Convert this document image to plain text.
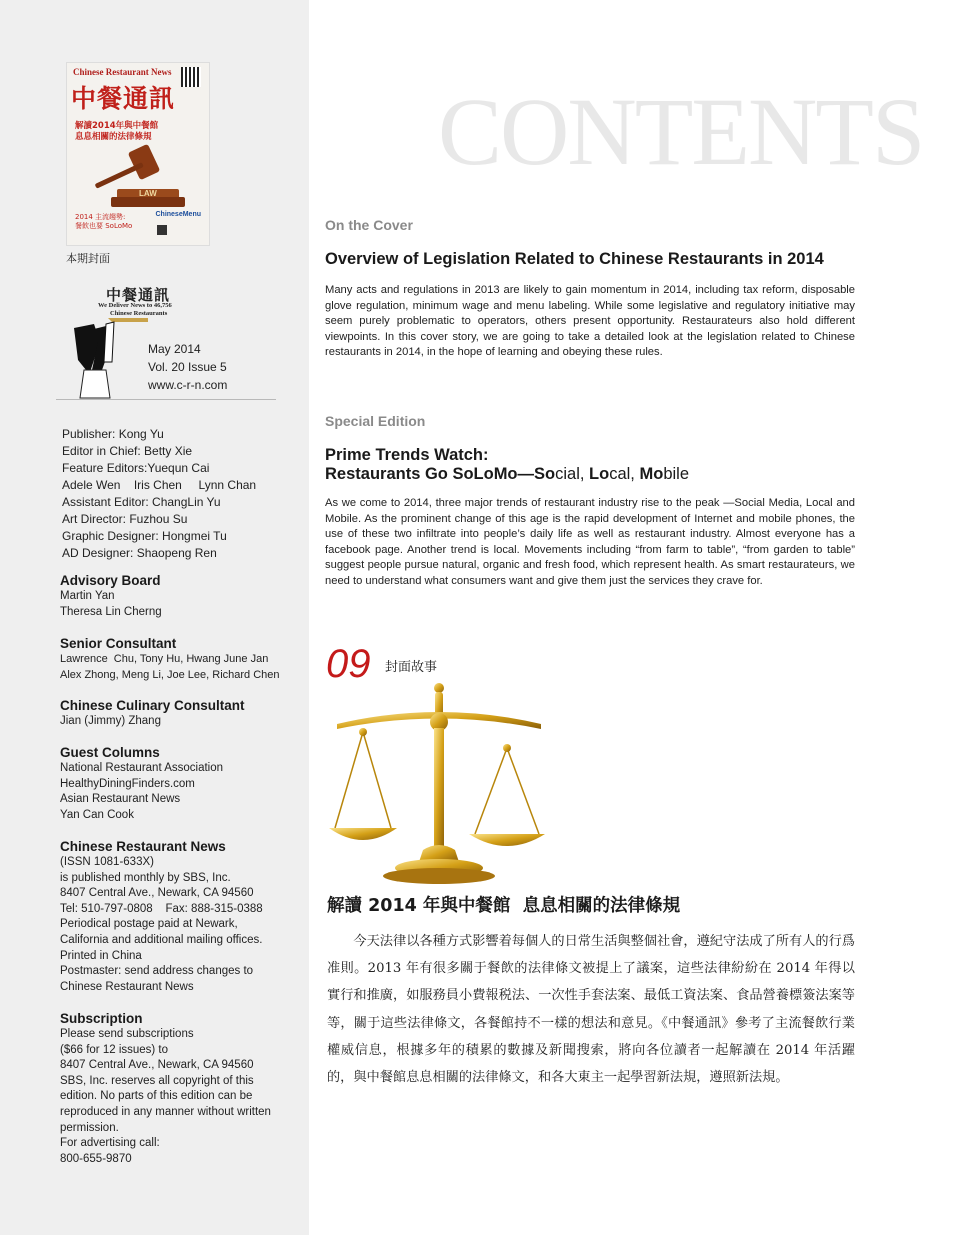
Chinese Restaurant News
中餐通訊
解讀2014年與中餐館
息息相關的法律條規
LAW
2014 主流趨勢:
餐飲也要 SoLoMo
ChineseMenu
本期封面
中餐通訊
We Deliver News to 46,756
Chinese Restaurants
May 2014
Vol. 20 Issue 5
www.c-r-n.com
Publisher: Kong Yu
Editor in Chief: Betty Xie
Feature Editors:Yuequn Cai
Adele Wen    Iris Chen     Lynn Chan
Assistant Editor: ChangLin Yu
Art Director: Fuzhou Su
Graphic Designer: Hongmei Tu
AD Designer: Shaopeng Ren
Advisory Board
Martin Yan
Theresa Lin Cherng
Senior Consultant
Lawrence  Chu, Tony Hu, Hwang June Jan
Alex Zhong, Meng Li, Joe Lee, Richard Chen
Chinese Culinary Consultant
Jian (Jimmy) Zhang
Guest Columns
National Restaurant Association
HealthyDiningFinders.com
Asian Restaurant News
Yan Can Cook
Chinese Restaurant News
(ISSN 1081-633X)
is published monthly by SBS, Inc.
8407 Central Ave., Newark, CA 94560
Tel: 510-797-0808    Fax: 888-315-0388
Periodical postage paid at Newark,
California and additional mailing offices.
Printed in China
Postmaster: send address changes to
Chinese Restaurant News
Subscription
Please send subscriptions
($66 for 12 issues) to
8407 Central Ave., Newark, CA 94560
SBS, Inc. reserves all copyright of this
edition. No parts of this edition can be
reproduced in any manner without written
permission.
For advertising call:
800-655-9870
CONTENTS
On the Cover
Overview of Legislation Related to Chinese Restaurants in 2014

Many acts and regulations in 2013 are likely to gain momentum in 2014, including tax reform, disposable glove regulation, minimum wage and menu labeling. While some legislative and regulatory initiative may seem purely problematic to operators, others present opportunity. Restaurateurs also hold different viewpoints. In this cover story, we are going to take a detailed look at the legislation related to Chinese restaurants in 2014, in the hope of learning and obeying these rules.

Special Edition
Prime Trends Watch:
Restaurants Go SoLoMo—Social, Local, Mobile

As we come to 2014, three major trends of restaurant industry rise to the peak —Social Media, Local and Mobile. As the prominent change of this age is the rapid development of Internet and mobile phones, the use of these two infiltrate into people’s daily life as well as restaurant industry. Almost everyone has a facebook page. Another trend is local. Movements including “from farm to table”, “from garden to table” suggest people pursue natural, organic and fresh food, which represent health. As smart restaurateurs, we need to understand what consumers want and give them just the services they crave for.

09 封面故事
解讀 2014 年與中餐館  息息相關的法律條規

今天法律以各種方式影響着每個人的日常生活與整個社會，遵紀守法成了所有人的行爲准則。2013 年有很多關于餐飲的法律條文被提上了議案，這些法律紛紛在 2014 年得以實行和推廣，如服務員小費報税法、一次性手套法案、最低工資法案、食品營養標簽法案等等，關于這些法律條文，各餐館持不一樣的想法和意見。《中餐通訊》參考了主流餐飲行業權威信息，根據多年的積累的數據及新聞搜索，將向各位讀者一起解讀在 2014 年活躍的，與中餐館息息相關的法律條文，和各大東主一起學習新法規，遵照新法規。
